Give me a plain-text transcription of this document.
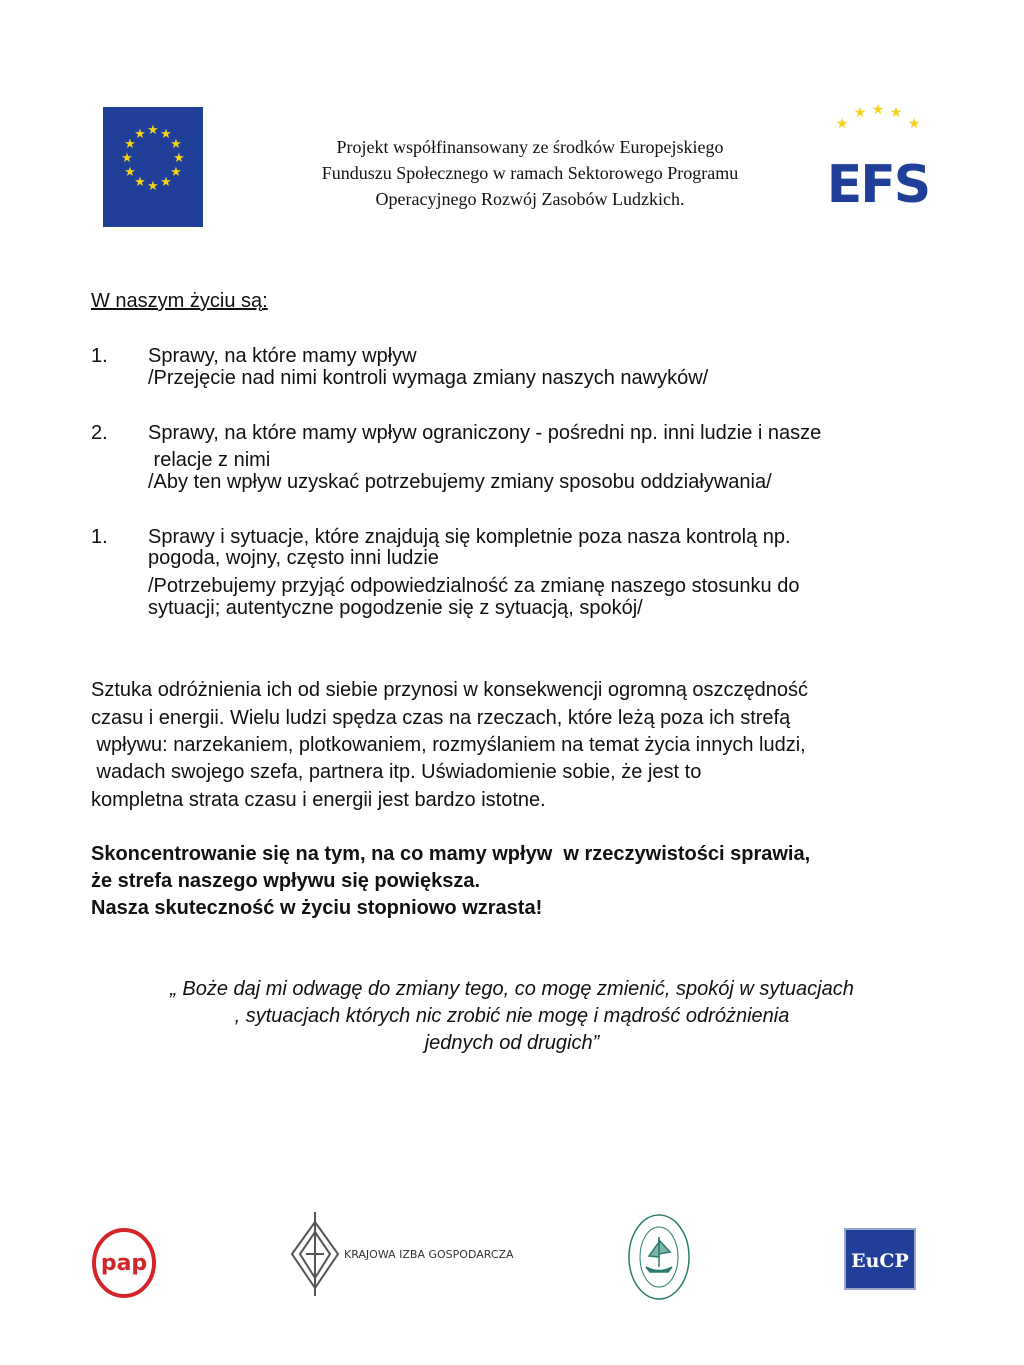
★ ★
★
★
★
★
★
★
★
★
★
★
Projekt współfinansowany ze środków Europejskiego
Funduszu Społecznego w ramach Sektorowego Programu
Operacyjnego Rozwój Zasobów Ludzkich.
★
★ ★ ★
★
EFS
W naszym życiu są:
1.	Sprawy, na które mamy wpływ
/Przejęcie nad nimi kontroli wymaga zmiany naszych nawyków/
2.	Sprawy, na które mamy wpływ ograniczony - pośredni np. inni ludzie i nasze
relacje z nimi
/Aby ten wpływ uzyskać potrzebujemy zmiany sposobu oddziaływania/
1.	Sprawy i sytuacje, które znajdują się kompletnie poza nasza kontrolą np.
pogoda, wojny, często inni ludzie
/Potrzebujemy przyjąć odpowiedzialność za zmianę naszego stosunku do
sytuacji; autentyczne pogodzenie się z sytuacją, spokój/
Sztuka odróżnienia ich od siebie przynosi w konsekwencji ogromną oszczędność
czasu i energii. Wielu ludzi spędza czas na rzeczach, które leżą poza ich strefą
wpływu: narzekaniem, plotkowaniem, rozmyślaniem na temat życia innych ludzi,
wadach swojego szefa, partnera itp. Uświadomienie sobie, że jest to
kompletna strata czasu i energii jest bardzo istotne.
Skoncentrowanie się na tym, na co mamy wpływ  w rzeczywistości sprawia,
że strefa naszego wpływu się powiększa.
Nasza skuteczność w życiu stopniowo wzrasta!
„ Boże daj mi odwagę do zmiany tego, co mogę zmienić, spokój w sytuacjach
, sytuacjach których nic zrobić nie mogę i mądrość odróżnienia
jednych od drugich”
pap	KRAJOWA IZBA GOSPODARCZA	EuCP
